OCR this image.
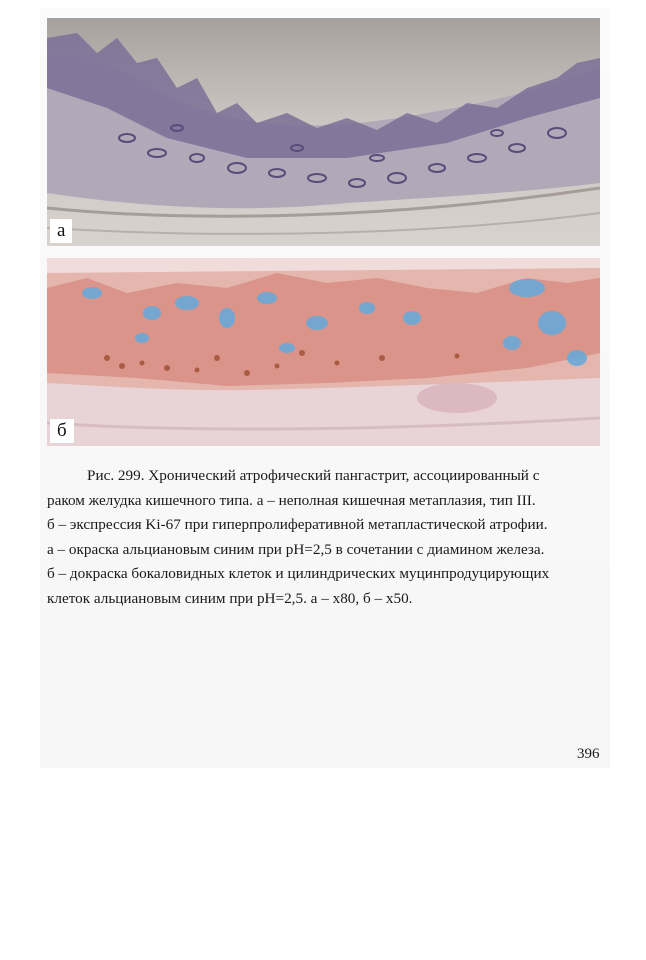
а
б
Рис. 299. Хронический атрофический пангастрит, ассоциированный с
раком желудка кишечного типа. а – неполная кишечная метаплазия, тип III.
б – экспрессия Ki-67 при гиперпролиферативной метапластической атрофии.
а – окраска альциановым синим при рН=2,5 в сочетании с диамином железа.
б – докраска бокаловидных клеток и цилиндрических муцинпродуцирующих
клеток альциановым синим при рН=2,5. а – х80, б – х50.
396
